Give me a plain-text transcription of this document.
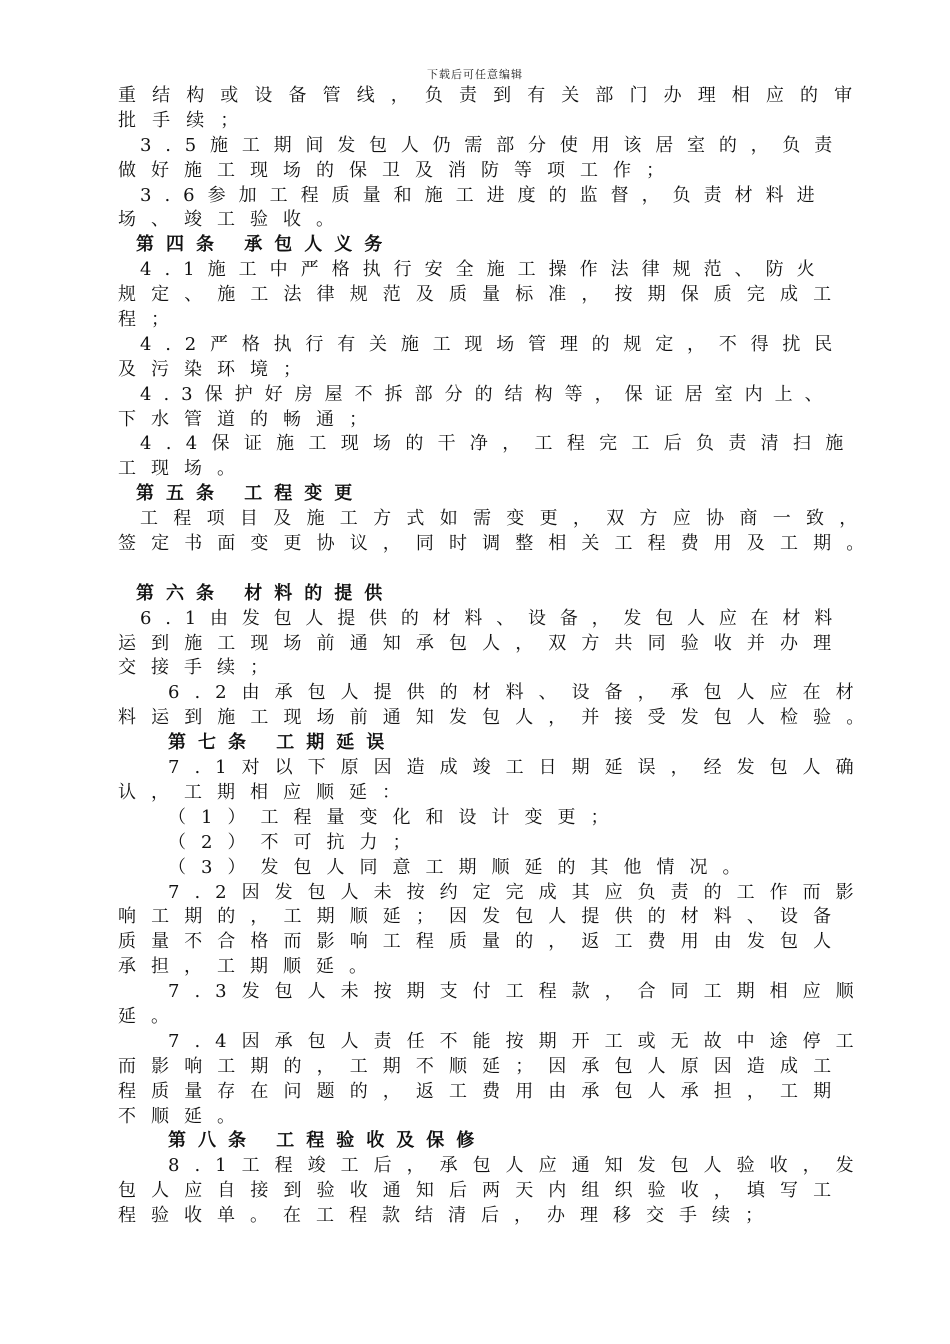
下载后可任意编辑
重结构或设备管线，负责到有关部门办理相应的审
批手续；
3.5施工期间发包人仍需部分使用该居室的，负责
做好施工现场的保卫及消防等项工作；
3.6参加工程质量和施工进度的监督，负责材料进
场、竣工验收。
第四条 承包人义务
4.1施工中严格执行安全施工操作法律规范、防火
规定、施工法律规范及质量标准，按期保质完成工
程；
4.2严格执行有关施工现场管理的规定，不得扰民
及污染环境；
4.3保护好房屋不拆部分的结构等，保证居室内上、
下水管道的畅通；
4.4保证施工现场的干净，工程完工后负责清扫施
工现场。
第五条 工程变更
工程项目及施工方式如需变更，双方应协商一致，
签定书面变更协议，同时调整相关工程费用及工期。
第六条 材料的提供
6.1由发包人提供的材料、设备，发包人应在材料
运到施工现场前通知承包人，双方共同验收并办理
交接手续；
6.2由承包人提供的材料、设备，承包人应在材
料运到施工现场前通知发包人，并接受发包人检验。
第七条 工期延误
7.1对以下原因造成竣工日期延误，经发包人确
认，工期相应顺延：
（1）工程量变化和设计变更；
（2）不可抗力；
（3）发包人同意工期顺延的其他情况。
7.2因发包人未按约定完成其应负责的工作而影
响工期的，工期顺延；因发包人提供的材料、设备
质量不合格而影响工程质量的，返工费用由发包人
承担，工期顺延。
7.3发包人未按期支付工程款，合同工期相应顺
延。
7.4因承包人责任不能按期开工或无故中途停工
而影响工期的，工期不顺延；因承包人原因造成工
程质量存在问题的，返工费用由承包人承担，工期
不顺延。
第八条 工程验收及保修
8.1工程竣工后，承包人应通知发包人验收，发
包人应自接到验收通知后两天内组织验收，填写工
程验收单。在工程款结清后，办理移交手续；
